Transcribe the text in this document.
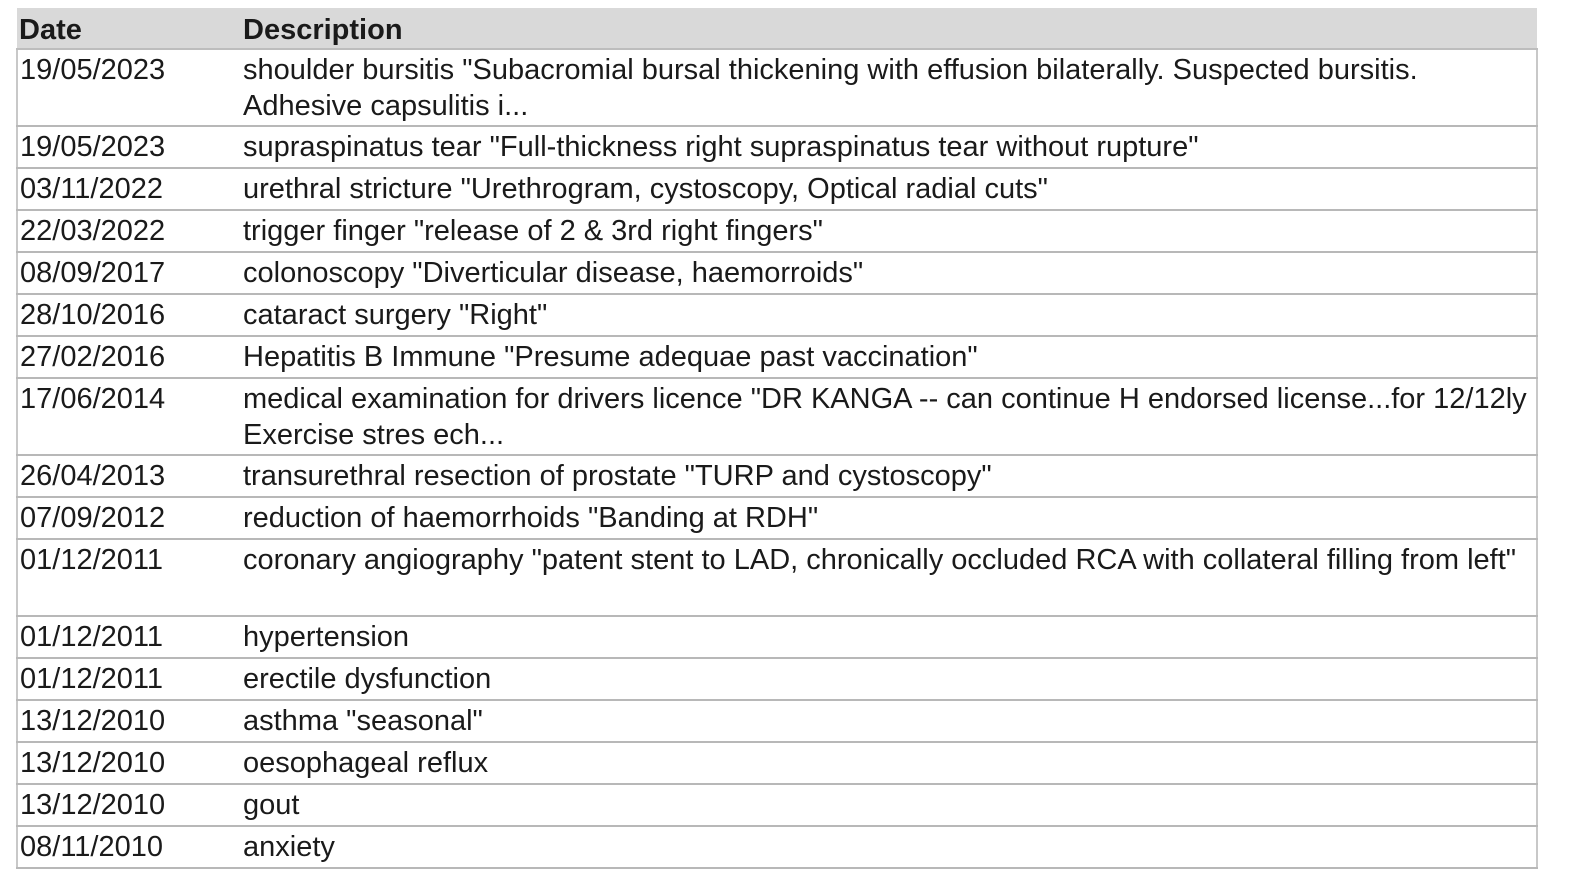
Date	Description
19/05/2023	shoulder bursitis "Subacromial bursal thickening with effusion bilaterally. Suspected bursitis. Adhesive capsulitis i...
19/05/2023	supraspinatus tear "Full-thickness right supraspinatus tear without rupture"
03/11/2022	urethral stricture "Urethrogram, cystoscopy, Optical radial cuts"
22/03/2022	trigger finger "release of 2 & 3rd right fingers"
08/09/2017	colonoscopy "Diverticular disease, haemorroids"
28/10/2016	cataract surgery "Right"
27/02/2016	Hepatitis B Immune "Presume adequae past vaccination"
17/06/2014	medical examination for drivers licence "DR KANGA -- can continue H endorsed license...for 12/12ly Exercise stres ech...
26/04/2013	transurethral resection of prostate "TURP and cystoscopy"
07/09/2012	reduction of haemorrhoids "Banding at RDH"
01/12/2011	coronary angiography "patent stent to LAD, chronically occluded RCA with collateral filling from left"
01/12/2011	hypertension
01/12/2011	erectile dysfunction
13/12/2010	asthma "seasonal"
13/12/2010	oesophageal reflux
13/12/2010	gout
08/11/2010	anxiety
